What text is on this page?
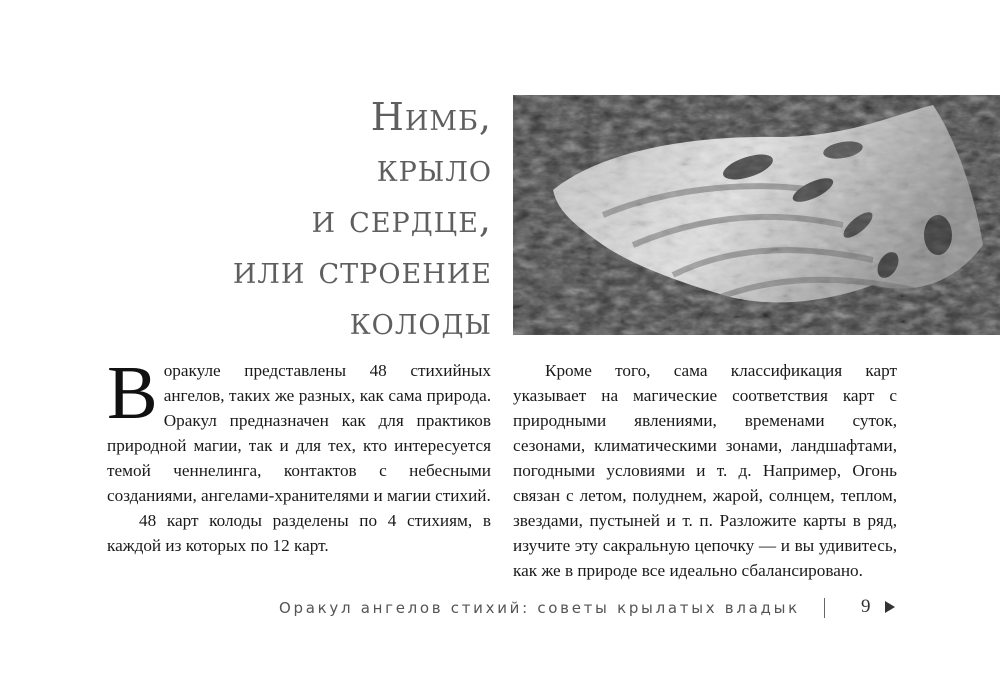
Нимб,
крыло
и сердце,
или строение
колоды

Воракуле представлены 48 стихийных ангелов, таких же разных, как сама природа. Оракул предназначен как для практиков природной магии, так и для тех, кто интересуется темой ченнелинга, контактов с небесными созданиями, ангелами-хранителями и магии стихий.

48 карт колоды разделены по 4 стихиям, в каждой из которых по 12 карт.

Кроме того, сама классификация карт указывает на магические соответствия карт с природными явлениями, временами суток, сезонами, климатическими зонами, ландшафтами, погодными условиями и т. д. Например, Огонь связан с летом, полуднем, жарой, солнцем, теплом, звездами, пустыней и т. п. Разложите карты в ряд, изучите эту сакральную цепочку — и вы удивитесь, как же в природе все идеально сбалансировано.

Оракул ангелов стихий: советы крылатых владык	9
